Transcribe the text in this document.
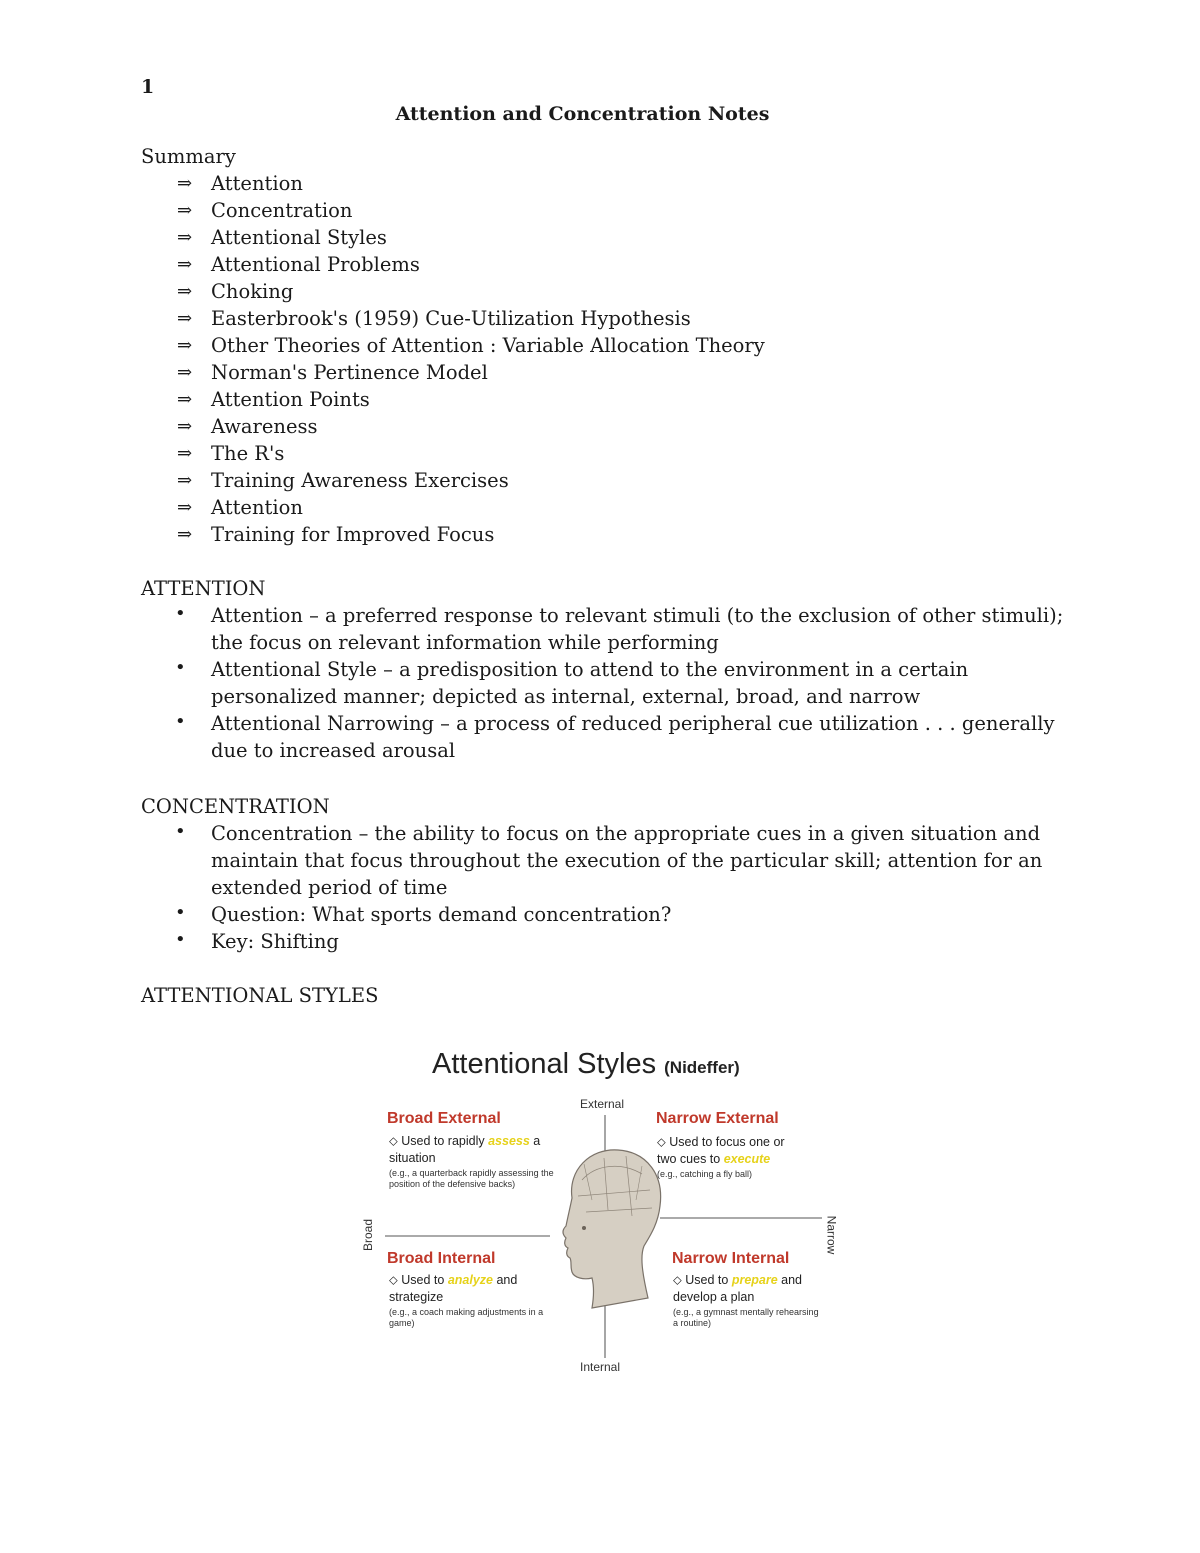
1
Attention and Concentration Notes
Summary
⇒ Attention
⇒ Concentration
⇒ Attentional Styles
⇒ Attentional Problems
⇒ Choking
⇒ Easterbrook's (1959) Cue-Utilization Hypothesis
⇒ Other Theories of Attention : Variable Allocation Theory
⇒ Norman's Pertinence Model
⇒ Attention Points
⇒ Awareness
⇒ The R's
⇒ Training Awareness Exercises
⇒ Attention
⇒ Training for Improved Focus
ATTENTION
• Attention – a preferred response to relevant stimuli (to the exclusion of other stimuli); the focus on relevant information while performing
• Attentional Style – a predisposition to attend to the environment in a certain personalized manner; depicted as internal, external, broad, and narrow
• Attentional Narrowing – a process of reduced peripheral cue utilization . . . generally due to increased arousal
CONCENTRATION
• Concentration – the ability to focus on the appropriate cues in a given situation and maintain that focus throughout the execution of the particular skill; attention for an extended period of time
• Question: What sports demand concentration?
• Key: Shifting
ATTENTIONAL STYLES
Attentional Styles (Nideffer)
External
Internal
Broad	Narrow
Broad External
⬦ Used to rapidly assess a situation
(e.g., a quarterback rapidly assessing the position of the defensive backs)
Narrow External
⬦ Used to focus one or two cues to execute
(e.g., catching a fly ball)
Broad Internal
⬦ Used to analyze and strategize
(e.g., a coach making adjustments in a game)
Narrow Internal
⬦ Used to prepare and develop a plan
(e.g., a gymnast mentally rehearsing a routine)
